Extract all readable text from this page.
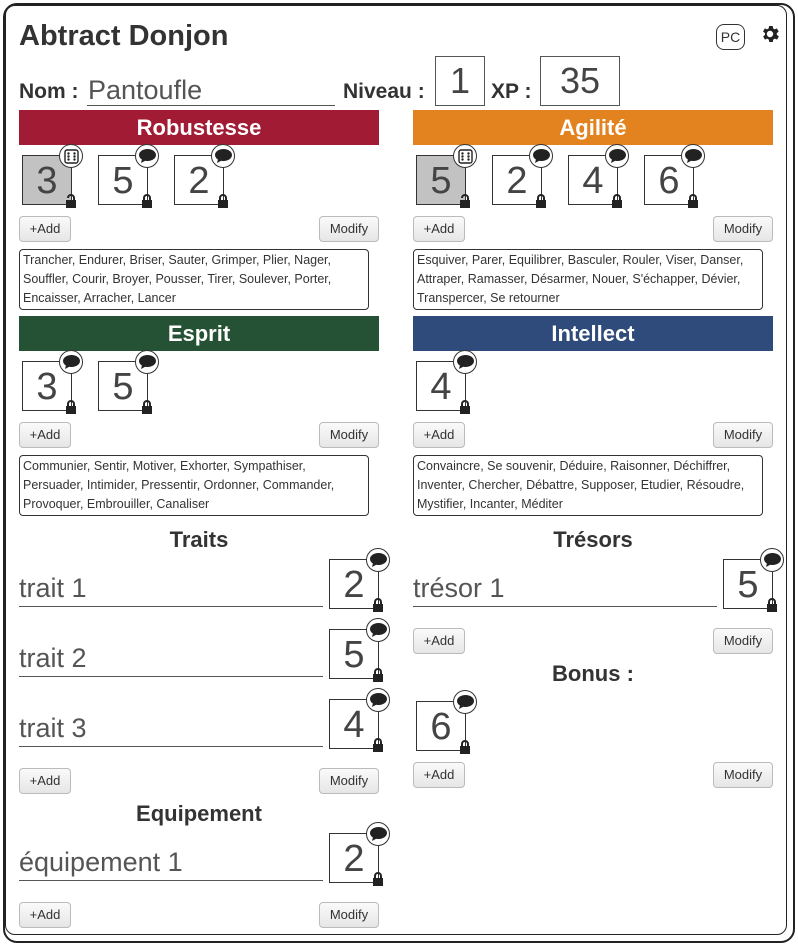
Abtract Donjon	PC
Nom : Pantoufle	Niveau : 1 XP : 35
Robustesse
3	5	2
+Add	Modify
Trancher, Endurer, Briser, Sauter, Grimper, Plier, Nager, Souffler, Courir, Broyer, Pousser, Tirer, Soulever, Porter, Encaisser, Arracher, Lancer
Agilité
5	2	4	6
+Add	Modify
Esquiver, Parer, Equilibrer, Basculer, Rouler, Viser, Danser, Attraper, Ramasser, Désarmer, Nouer, S'échapper, Dévier, Transpercer, Se retourner
Esprit
3	5
+Add	Modify
Communier, Sentir, Motiver, Exhorter, Sympathiser, Persuader, Intimider, Pressentir, Ordonner, Commander, Provoquer, Embrouiller, Canaliser
Intellect
4
+Add	Modify
Convaincre, Se souvenir, Déduire, Raisonner, Déchiffrer, Inventer, Chercher, Débattre, Supposer, Etudier, Résoudre, Mystifier, Incanter, Méditer
Traits	Trésors
Bonus :
Equipement
trait 1	2
trait 2	5
trait 3	4
+Add	Modify
trésor 1	5
+Add	Modify
6
+Add	Modify
équipement 1	2
+Add	Modify
